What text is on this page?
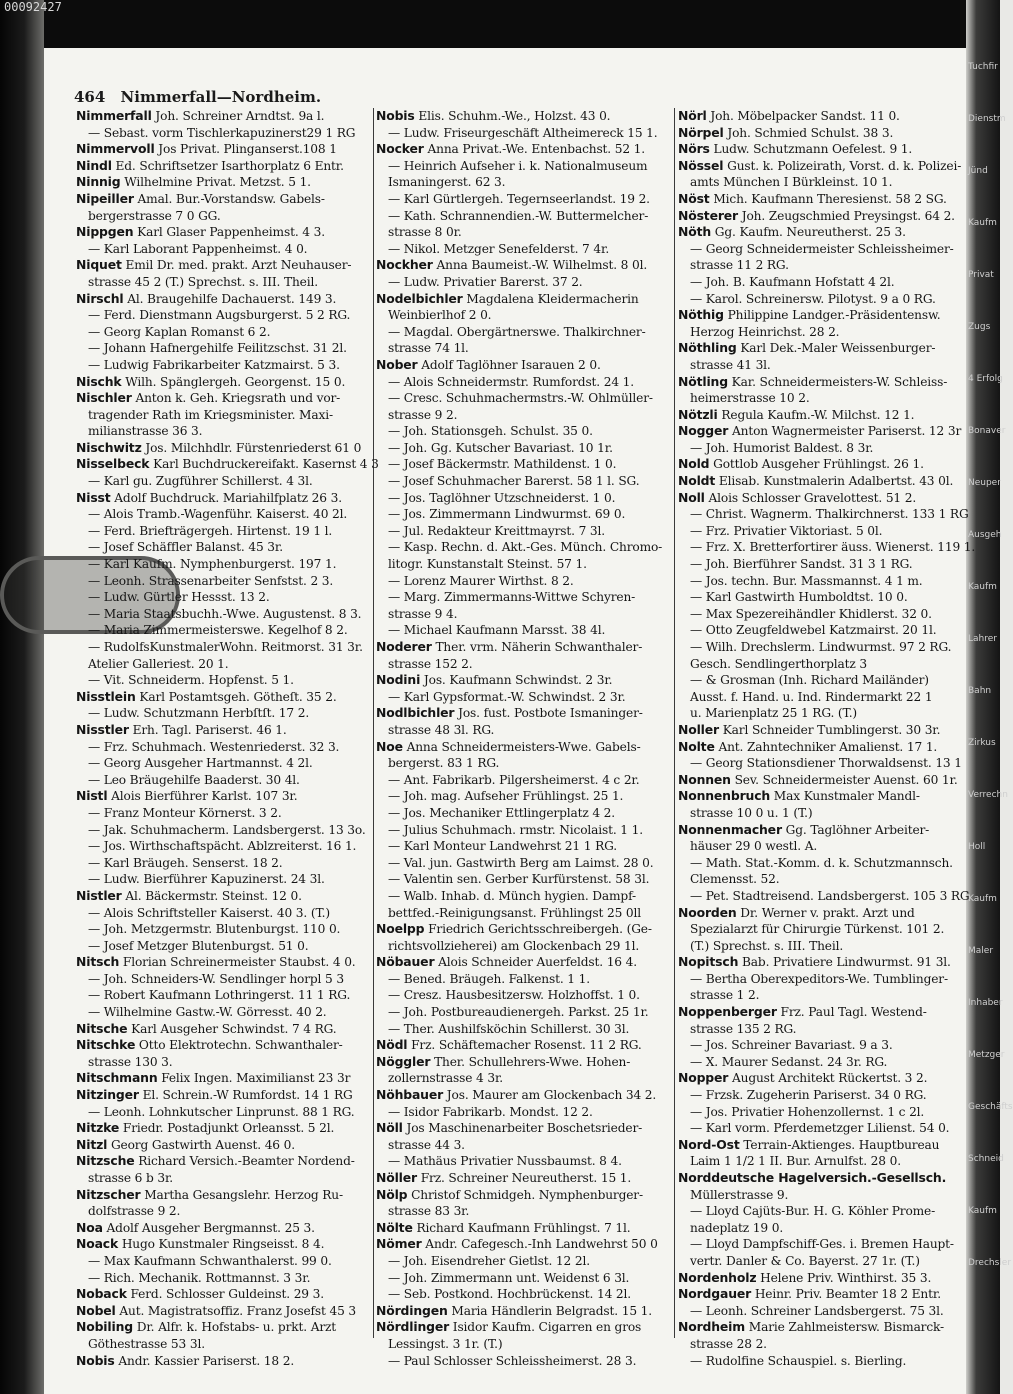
00092427
464 Nimmerfall—Nordheim.
Nimmerfall Joh. Schreiner Arndtst. 9a l.
— Sebast. vorm Tischlerkapuzinerst29 1 RG
Nimmervoll Jos Privat. Plinganserst.108 1
Nindl Ed. Schriftsetzer Isarthorplatz 6 Entr.
Ninnig Wilhelmine Privat. Metzst. 5 1.
Nipeiller Amal. Bur.-Vorstandsw. Gabels-
bergerstrasse 7 0 GG.
Nippgen Karl Glaser Pappenheimst. 4 3.
— Karl Laborant Pappenheimst. 4 0.
Niquet Emil Dr. med. prakt. Arzt Neuhauser-
strasse 45 2 (T.) Sprechst. s. III. Theil.
Nirschl Al. Braugehilfe Dachauerst. 149 3.
— Ferd. Dienstmann Augsburgerst. 5 2 RG.
— Georg Kaplan Romanst 6 2.
— Johann Hafnergehilfe Feilitzschst. 31 2l.
— Ludwig Fabrikarbeiter Katzmairst. 5 3.
Nischk Wilh. Spänglergeh. Georgenst. 15 0.
Nischler Anton k. Geh. Kriegsrath und vor-
tragender Rath im Kriegsminister. Maxi-
milianstrasse 36 3.
Nischwitz Jos. Milchhdlr. Fürstenriederst 61 0
Nisselbeck Karl Buchdruckereifakt. Kasernst 4 3
— Karl gu. Zugführer Schillerst. 4 3l.
Nisst Adolf Buchdruck. Mariahilfplatz 26 3.
— Alois Tramb.-Wagenführ. Kaiserst. 40 2l.
— Ferd. Briefträgergeh. Hirtenst. 19 1 l.
— Josef Schäffler Balanst. 45 3r.
— Karl Kaufm. Nymphenburgerst. 197 1.
— Leonh. Strassenarbeiter Senfstst. 2 3.
— Ludw. Gürtler Hessst. 13 2.
— Maria Staatsbuchh.-Wwe. Augustenst. 8 3.
— Maria Zimmermeisterswe. Kegelhof 8 2.
— RudolfsKunstmalerWohn. Reitmorst. 31 3r.
Atelier Galleriest. 20 1.
— Vit. Schneiderm. Hopfenst. 5 1.
Nisstlein Karl Postamtsgeh. Götheſt. 35 2.
— Ludw. Schutzmann Herbſtſt. 17 2.
Nisstler Erh. Tagl. Pariserst. 46 1.
— Frz. Schuhmach. Westenriederst. 32 3.
— Georg Ausgeher Hartmannst. 4 2l.
— Leo Bräugehilfe Baaderst. 30 4l.
Nistl Alois Bierführer Karlst. 107 3r.
— Franz Monteur Körnerst. 3 2.
— Jak. Schuhmacherm. Landsbergerst. 13 3o.
— Jos. Wirthschaftspächt. Ablzreiterst. 16 1.
— Karl Bräugeh. Senserst. 18 2.
— Ludw. Bierführer Kapuzinerst. 24 3l.
Nistler Al. Bäckermstr. Steinst. 12 0.
— Alois Schriftsteller Kaiserst. 40 3. (T.)
— Joh. Metzgermstr. Blutenburgst. 110 0.
— Josef Metzger Blutenburgst. 51 0.
Nitsch Florian Schreinermeister Staubst. 4 0.
— Joh. Schneiders-W. Sendlinger horpl 5 3
— Robert Kaufmann Lothringerst. 11 1 RG.
— Wilhelmine Gastw.-W. Görresst. 40 2.
Nitsche Karl Ausgeher Schwindst. 7 4 RG.
Nitschke Otto Elektrotechn. Schwanthaler-
strasse 130 3.
Nitschmann Felix Ingen. Maximilianst 23 3r
Nitzinger El. Schrein.-W Rumfordst. 14 1 RG
— Leonh. Lohnkutscher Linprunst. 88 1 RG.
Nitzke Friedr. Postadjunkt Orleansst. 5 2l.
Nitzl Georg Gastwirth Auenst. 46 0.
Nitzsche Richard Versich.-Beamter Nordend-
strasse 6 b 3r.
Nitzscher Martha Gesangslehr. Herzog Ru-
dolfstrasse 9 2.
Noa Adolf Ausgeher Bergmannst. 25 3.
Noack Hugo Kunstmaler Ringseisst. 8 4.
— Max Kaufmann Schwanthalerst. 99 0.
— Rich. Mechanik. Rottmannst. 3 3r.
Noback Ferd. Schlosser Guldeinst. 29 3.
Nobel Aut. Magistratsoffiz. Franz Josefst 45 3
Nobiling Dr. Alfr. k. Hofstabs- u. prkt. Arzt
Göthestrasse 53 3l.
Nobis Andr. Kassier Pariserst. 18 2.
Nobis Elis. Schuhm.-We., Holzst. 43 0.
— Ludw. Friseurgeschäft Altheimereck 15 1.
Nocker Anna Privat.-We. Entenbachst. 52 1.
— Heinrich Aufseher i. k. Nationalmuseum
Ismaningerst. 62 3.
— Karl Gürtlergeh. Tegernseerlandst. 19 2.
— Kath. Schrannendien.-W. Buttermelcher-
strasse 8 0r.
— Nikol. Metzger Senefelderst. 7 4r.
Nockher Anna Baumeist.-W. Wilhelmst. 8 0l.
— Ludw. Privatier Barerst. 37 2.
Nodelbichler Magdalena Kleidermacherin
Weinbierlhof 2 0.
— Magdal. Obergärtnerswe. Thalkirchner-
strasse 74 1l.
Nober Adolf Taglöhner Isarauen 2 0.
— Alois Schneidermstr. Rumfordst. 24 1.
— Cresc. Schuhmachermstrs.-W. Ohlmüller-
strasse 9 2.
— Joh. Stationsgeh. Schulst. 35 0.
— Joh. Gg. Kutscher Bavariast. 10 1r.
— Josef Bäckermstr. Mathildenst. 1 0.
— Josef Schuhmacher Barerst. 58 1 l. SG.
— Jos. Taglöhner Utzschneiderst. 1 0.
— Jos. Zimmermann Lindwurmst. 69 0.
— Jul. Redakteur Kreittmayrst. 7 3l.
— Kasp. Rechn. d. Akt.-Ges. Münch. Chromo-
litogr. Kunstanstalt Steinst. 57 1.
— Lorenz Maurer Wirthst. 8 2.
— Marg. Zimmermanns-Wittwe Schyren-
strasse 9 4.
— Michael Kaufmann Marsst. 38 4l.
Noderer Ther. vrm. Näherin Schwanthaler-
strasse 152 2.
Nodini Jos. Kaufmann Schwindst. 2 3r.
— Karl Gypsformat.-W. Schwindst. 2 3r.
Nodlbichler Jos. fust. Postbote Ismaninger-
strasse 48 3l. RG.
Noe Anna Schneidermeisters-Wwe. Gabels-
bergerst. 83 1 RG.
— Ant. Fabrikarb. Pilgersheimerst. 4 c 2r.
— Joh. mag. Aufseher Frühlingst. 25 1.
— Jos. Mechaniker Ettlingerplatz 4 2.
— Julius Schuhmach. rmstr. Nicolaist. 1 1.
— Karl Monteur Landwehrst 21 1 RG.
— Val. jun. Gastwirth Berg am Laimst. 28 0.
— Valentin sen. Gerber Kurfürstenst. 58 3l.
— Walb. Inhab. d. Münch hygien. Dampf-
bettfed.-Reinigungsanst. Frühlingst 25 0ll
Noelpp Friedrich Gerichtsschreibergeh. (Ge-
richtsvollzieherei) am Glockenbach 29 1l.
Nöbauer Alois Schneider Auerfeldst. 16 4.
— Bened. Bräugeh. Falkenst. 1 1.
— Cresz. Hausbesitzersw. Holzhoffst. 1 0.
— Joh. Postbureaudienergeh. Parkst. 25 1r.
— Ther. Aushilfsköchin Schillerst. 30 3l.
Nödl Frz. Schäftemacher Rosenst. 11 2 RG.
Nöggler Ther. Schullehrers-Wwe. Hohen-
zollernstrasse 4 3r.
Nöhbauer Jos. Maurer am Glockenbach 34 2.
— Isidor Fabrikarb. Mondst. 12 2.
Nöll Jos Maschinenarbeiter Boschetsrieder-
strasse 44 3.
— Mathäus Privatier Nussbaumst. 8 4.
Nöller Frz. Schreiner Neureutherst. 15 1.
Nölp Christof Schmidgeh. Nymphenburger-
strasse 83 3r.
Nölte Richard Kaufmann Frühlingst. 7 1l.
Nömer Andr. Cafegesch.-Inh Landwehrst 50 0
— Joh. Eisendreher Gietlst. 12 2l.
— Joh. Zimmermann unt. Weidenst 6 3l.
— Seb. Postkond. Hochbrückenst. 14 2l.
Nördingen Maria Händlerin Belgradst. 15 1.
Nördlinger Isidor Kaufm. Cigarren en gros
Lessingst. 3 1r. (T.)
— Paul Schlosser Schleissheimerst. 28 3.
Nörl Joh. Möbelpacker Sandst. 11 0.
Nörpel Joh. Schmied Schulst. 38 3.
Nörs Ludw. Schutzmann Oefelest. 9 1.
Nössel Gust. k. Polizeirath, Vorst. d. k. Polizei-
amts München I Bürkleinst. 10 1.
Nöst Mich. Kaufmann Theresienst. 58 2 SG.
Nösterer Joh. Zeugschmied Preysingst. 64 2.
Nöth Gg. Kaufm. Neureutherst. 25 3.
— Georg Schneidermeister Schleissheimer-
strasse 11 2 RG.
— Joh. B. Kaufmann Hofstatt 4 2l.
— Karol. Schreinersw. Pilotyst. 9 a 0 RG.
Nöthig Philippine Landger.-Präsidentensw.
Herzog Heinrichst. 28 2.
Nöthling Karl Dek.-Maler Weissenburger-
strasse 41 3l.
Nötling Kar. Schneidermeisters-W. Schleiss-
heimerstrasse 10 2.
Nötzli Regula Kaufm.-W. Milchst. 12 1.
Nogger Anton Wagnermeister Pariserst. 12 3r
— Joh. Humorist Baldest. 8 3r.
Nold Gottlob Ausgeher Frühlingst. 26 1.
Noldt Elisab. Kunstmalerin Adalbertst. 43 0l.
Noll Alois Schlosser Gravelottest. 51 2.
— Christ. Wagnerm. Thalkirchnerst. 133 1 RG
— Frz. Privatier Viktoriast. 5 0l.
— Frz. X. Bretterfortirer äuss. Wienerst. 119 1.
— Joh. Bierführer Sandst. 31 3 1 RG.
— Jos. techn. Bur. Massmannst. 4 1 m.
— Karl Gastwirth Humboldtst. 10 0.
— Max Spezereihändler Khidlerst. 32 0.
— Otto Zeugfeldwebel Katzmairst. 20 1l.
— Wilh. Drechslerm. Lindwurmst. 97 2 RG.
Gesch. Sendlingerthorplatz 3
— & Grosman (Inh. Richard Mailänder)
Ausst. f. Hand. u. Ind. Rindermarkt 22 1
u. Marienplatz 25 1 RG. (T.)
Noller Karl Schneider Tumblingerst. 30 3r.
Nolte Ant. Zahntechniker Amalienst. 17 1.
— Georg Stationsdiener Thorwaldsenst. 13 1
Nonnen Sev. Schneidermeister Auenst. 60 1r.
Nonnenbruch Max Kunstmaler Mandl-
strasse 10 0 u. 1 (T.)
Nonnenmacher Gg. Taglöhner Arbeiter-
häuser 29 0 westl. A.
— Math. Stat.-Komm. d. k. Schutzmannsch.
Clemensst. 52.
— Pet. Stadtreisend. Landsbergerst. 105 3 RG
Noorden Dr. Werner v. prakt. Arzt und
Spezialarzt für Chirurgie Türkenst. 101 2.
(T.) Sprechst. s. III. Theil.
Nopitsch Bab. Privatiere Lindwurmst. 91 3l.
— Bertha Oberexpeditors-We. Tumblinger-
strasse 1 2.
Noppenberger Frz. Paul Tagl. Westend-
strasse 135 2 RG.
— Jos. Schreiner Bavariast. 9 a 3.
— X. Maurer Sedanst. 24 3r. RG.
Nopper August Architekt Rückertst. 3 2.
— Frzsk. Zugeherin Pariserst. 34 0 RG.
— Jos. Privatier Hohenzollernst. 1 c 2l.
— Karl vorm. Pferdemetzger Lilienst. 54 0.
Nord-Ost Terrain-Aktienges. Hauptbureau
Laim 1 1/2 1 II. Bur. Arnulfst. 28 0.
Norddeutsche Hagelversich.-Gesellsch.
Müllerstrasse 9.
— Lloyd Cajüts-Bur. H. G. Köhler Prome-
nadeplatz 19 0.
— Lloyd Dampfschiff-Ges. i. Bremen Haupt-
vertr. Danler & Co. Bayerst. 27 1r. (T.)
Nordenholz Helene Priv. Winthirst. 35 3.
Nordgauer Heinr. Priv. Beamter 18 2 Entr.
— Leonh. Schreiner Landsbergerst. 75 3l.
Nordheim Marie Zahlmeistersw. Bismarck-
strasse 28 2.
— Rudolfine Schauspiel. s. Bierling.
Tuchfir
Dienstm
Jünd
Kaufm
Privat
Zugs
4 Erfolg
Bonaver
Neuper
Ausgeh
Kaufm
Lahrer
Bahn
Zirkus
Verrechn
Holl
Kaufm
Maler
Inhaber
Metzger
Geschäfts
Schneid
Kaufm
Drechsler
